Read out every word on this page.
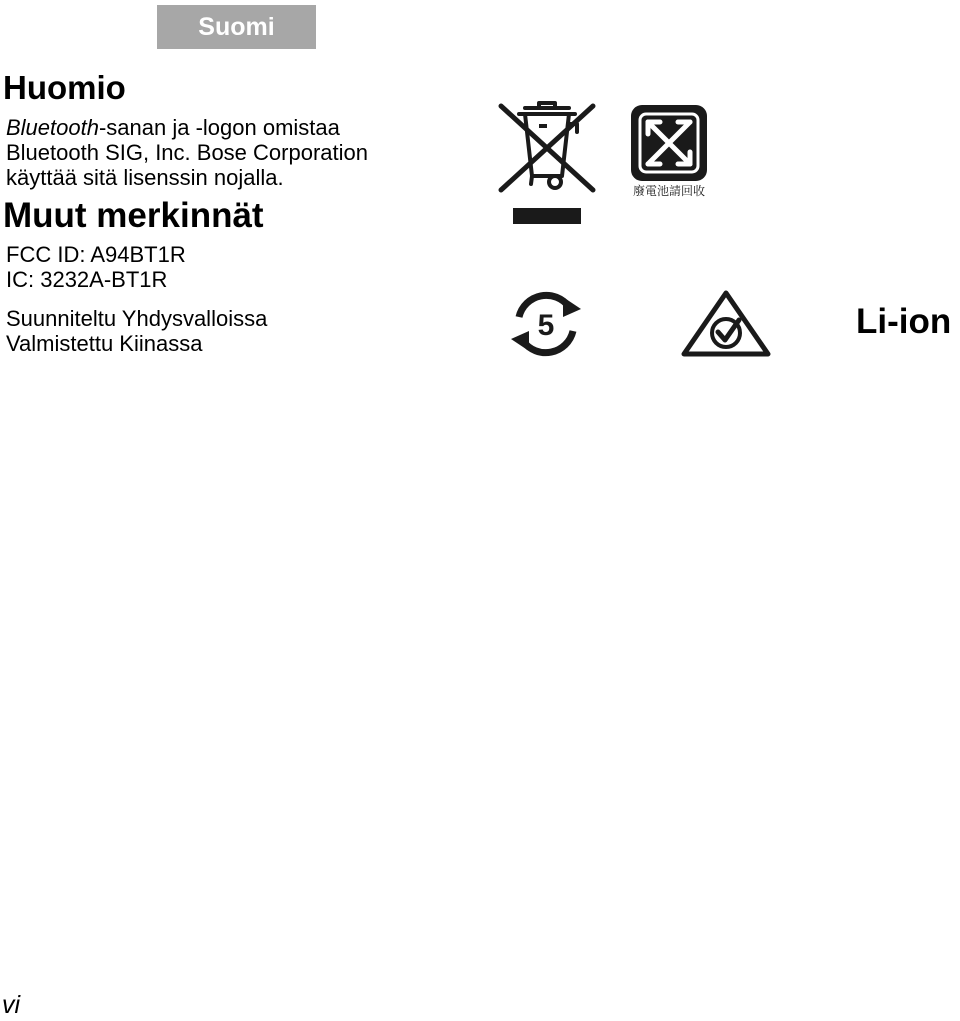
Suomi
Huomio
Bluetooth-sanan ja -logon omistaa
Bluetooth SIG, Inc. Bose Corporation
käyttää sitä lisenssin nojalla.
Muut merkinnät
FCC ID: A94BT1R
IC: 3232A-BT1R
Suunniteltu Yhdysvalloissa
Valmistettu Kiinassa
廢電池請回收
5	Li-ion
vi
